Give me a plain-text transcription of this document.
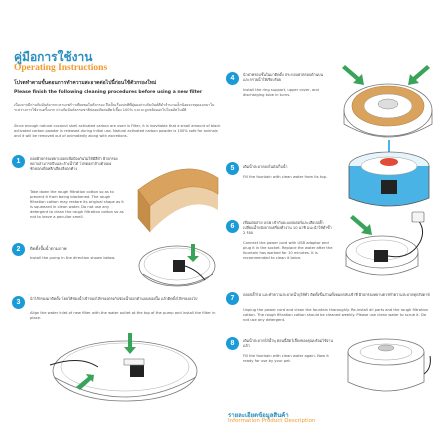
คู่มือการใช้งาน
Operating Instructions
โปรดทำตามขั้นตอนการทำความสะอาดต่อไปนี้ก่อนใช้ตัวกรองใหม่
Please finish the following cleaning procedures before using a new filter
เนื่องจากมีถ่านกัมมันต์จากกะลามะพร้าวเพียงพอในตัวกรอง จึงเป็นเรื่องปกติที่ฝุ่นผงถ่านกัมมันต์สีดำจำนวนเล็กน้อยจะหลุดออกมาในระหว่างการใช้งานครั้งแรก ถ่านกัมมันต์ธรรมชาติปลอดภัยต่อสัตว์เลี้ยง 100% และจะถูกขจัดออกไปโดยอัตโนมัติ
Since enough natural coconut shell activated carbon are used in Filter, it is inevitable that a small amount of black activated carbon powder is released during initial use. Natural activated carbon powder is 100% safe for animals and it will be removed out of animatedly along with excretions.
1	ถอดฝ้ายกรองหยาบออกเพื่อป้องกันไม่ให้มีสีดำ ฝ้ายกรองหยาบสามารถบีบและล้างน้ำได้ โปรดอย่าล้างด้วยผงซักฟอกเพื่อหลีกเลี่ยงสิ่งตกค้าง
Take down the rough filtration cotton so as to prevent it from being blackened. The rough filtration cotton may restore its original shape as it is squeezed in clean water. Do not use any detergent to clean the rough filtration cotton so as not to leave a peculiar smell.
2	ติดตั้งปั๊มน้ำตามภาพ
Install the pump in the direction shown below.
3	นำไส้กรองมาติดตั้ง โดยให้ช่องน้ำเข้าของไส้กรองตรงกับช่องน้ำออกด้านบนของปั๊ม แล้วติดตั้งไส้กรองลงไป
Align the water inlet of new filter with the water outlet at the top of the pump and install the filter in place.
4	นำฝาครอบชั้นในมาติดตั้ง ประกอบฝาครอบด้านบนและกรวยน้ำให้เรียบร้อย
Install the ring support, upper cover, and discharging tube in turns.
5	เติมน้ำสะอาดลงในถังเก็บน้ำ
Fill the fountain with clean water from its top.
6	เชื่อมต่อสาย USB เข้ากับอะแดปเตอร์และเสียบปลั๊ก เปลี่ยนน้ำหลังจากเครื่องทำงาน 10 นาที แนะนำให้ทำซ้ำ 2 รอบ
Connect the power cord with USB adaptor and plug it in the socket. Replace the water after the fountain has worked for 10 minutes. It is recommended to clean it twice.
7	ถอดปลั๊กไฟ และทำความสะอาดน้ำพุให้ทั่ว ติดตั้งชิ้นส่วนทั้งหมดกลับเข้าที่ ฝ้ายกรองหยาบควรทำความสะอาดทุกสัปดาห์
Unplug the power cord and clean the fountain thoroughly. Re-install all parts and the rough filtration cotton. The rough filtration cotton should be cleaned weekly. Please use clean water to scrub it. Do not use any detergent.
8	เติมน้ำสะอาดใส่น้ำพุ ตอนนี้สัตว์เลี้ยงของคุณพร้อมใช้งานแล้ว
Fill the fountain with clean water again. Now it ready for use by your pet.
รายละเอียดข้อมูลสินค้า
Information Product Description
